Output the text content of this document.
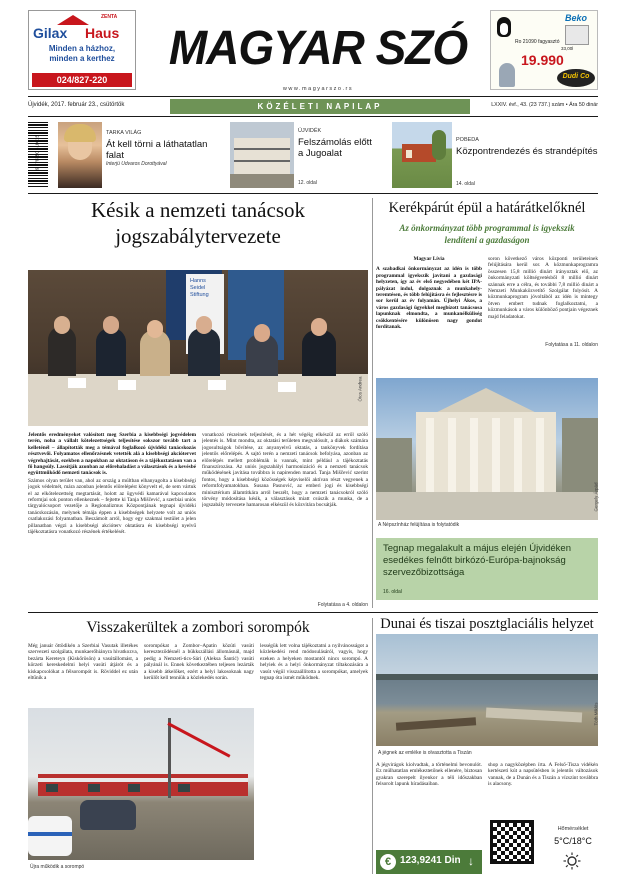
ZENTA
Gilax Haus
Minden a házhoz,
minden a kerthez
024/827-220
MAGYAR SZÓ
www.magyarszo.rs
Beko
Ro 21090 fagyasztó
33,00l
19.990
Dudi Co
Újvidék, 2017. február 23., csütörtök	KÖZÉLETI NAPILAP	LXXIV. évf., 43. (23 737.) szám • Ára 50 dinár
9 770350 418015
TARKA VILÁG
Át kell törni a láthatatlan falat
Interjú Udvaros Dorottyával
ÚJVIDÉK
Felszámolás előtt a Jugoalat
12. oldal
POBEDA
Központrendezés és strandépítés
14. oldal
Késik a nemzeti tanácsok
jogszabálytervezete
Hanns
Seidel
Stiftung
Ótos Andrea

Jelentős eredményeket valósított meg Szerbia a kisebbségi jogvédelem terén, noha a vállalt kötelezettségek teljesítése sokszor tovább tart a kelleténél – állapították meg a témával foglalkozó újvidéki tanácskozás résztvevői. Folyamatos ellenőrzésnek vetették alá a kisebbségi akciótervet végrehajtását, ezekben a napokban az oktatáson és a tájékoztatáson van a fő hangsúly. Lassítják azonban az előrehaladást a választások és a kevésbé együttműködő nemzeti tanácsok is.

Számos olyan terület van, ahol az ország a múltban elhanyagolta a kisebbségi jogok védelmét, mára azonban jelentős előrelépést könyvelt el, de sem vártuk el az elkötelezettség megtartását, holott az ügyvédi kamarával kapcsolatos reformjai sok ponton ellenkeznek – fejtette ki Tanja Miščević, a szerbiai uniós tárgyalócsoport vezetője a Regionalizmus Központjának tegnapi újvidéki tanácskozásán, melynek témája éppen a kisebbségek helyzete volt az uniós csatlakozási folyamatban. Beszámolt arról, hogy egy szakmai testület a jelen pillanatban végzi a kisebbségi akcióterv oktatásra és kisebbségi nyelvű tájékoztatásra vonatkozó részének értékelését.

vonatkozó részeinek teljesítését, és a hét végéig elkészül az erről szóló jelentés is. Mint mondta, az oktatási területen megvalósult, a diákok számára jogosultságok bővítése, az anyanyelvű oktatás, a tankönyvek fordítása jelentős előrelépés. A sajtó terén a nemzeti tanácsok befolyása, azonban az előrelépés mellett problémák is vannak, mint például a tájékoztatás finanszírozása. Az uniós jogszabályi harmonizáció és a nemzeti tanácsok működésének javítása továbbra is napirenden marad. Tanja Miščević szerint fontos, hogy a kisebbségi közösségek képviselői aktívan részt vegyenek a reformfolyamatokban. Susana Pasnović, az emberi jogi és kisebbségi minisztérium államtitkára arról beszélt, hogy a nemzeti tanácsokról szóló törvény módosítása késik, a választások miatt csúszik a munka, de a jogszabály tervezete hamarosan elkészül és közvitára bocsátják.

Folytatása a 4. oldalon
Kerékpárút épül a határátkelőknél
Az önkormányzat több programmal is igyekszik
lendíteni a gazdaságon

Magyar Lívia

A szabadkai önkormányzat az idén is több programmal igyekszik javítani a gazdasági helyzeten, így az év első negyedében két IPA-pályázat indul, dolgoznak a munkahely-teremtésen, és több felújításra és fejlesztésre is sor kerül az év folyamán. Újhelyi Ákos, a város gazdasági ügyekkel megbízott tanácsosa lapunknak elmondta, a munkanélküliség csökkentésére különösen nagy gondot fordítanak.

soron következő város központi területeinek felújítására kerül sor. A közmunkaprogramra összesen 15,8 millió dinárt irányoztak elő, az önkormányzati költségvetésből 8 millió dinárt szánnak erre a célra, és további 7,8 millió dinárt a Nemzeti Munkaközvetítő Szolgálat folyósít. A közmunkaprogram jóvoltából az idén is mintegy ötven embert tudnak foglalkoztatni, a közmunkások a város különböző pontjain végeznek majd feladatokat.

Folytatása a 11. oldalon
A Népszínház felújítása is folytatódik
Gergely Árpád
Tegnap megalakult a május elején Újvidéken esedékes felnőtt birkózó-Európa-bajnokság szervezőbizottsága
16. oldal
Visszakerültek a zombori sorompók

Még január öttödikén a Szerbiai Vasutak illetékes szervezeti szolgálata, munkaerőhiányra hivatkozva, bezárta Kereteyn (Kiskőrösön) a vasútállomást, a körzeti kereskedelmi helyi vasúti átjárót és a kiskapcsolókat a félsorompót is. Röviddel ez után eltűnik a

sorompókat a Zombor–Apatin közúti vasúti kereszteződésnél a bükkszállási állomásnál, majd pedig a Nemzeti-tics-Sári (Aleksa Šantić) vasúti pályánál is. Ennek következtében teljesen lezárták a kisebb átkelőket, ezért a helyi lakosoknak nagy kerülőt kell tenniük a közlekedés során.

lességük lett volna tájékoztatni a nyilvánosságot a közlekedési rend módosulásáról, vagyis, hogy ezeken a helyeken mostantól nincs sorompó. A helyiek és a helyi önkormányzat tiltakozására a vasút végül visszaállította a sorompókat, amelyek tegnap óta ismét működnek.

Újra működik a sorompó
Dunai és tiszai posztglaciális helyzet
A jégnek az emléke is olvasztotta a Tiszán
Tóth Miklós

A jégvirágok kiolvadtak, a történelmi bevonulót. Ez múlhatatlan emlékeztetőnek ellenére, biztosan gyakran szerepelt ilyenkor a téli időszakban felsorolt lapunk híradásaiban.

shop a nagyközépben írta. A Felső-Tisza vidékén kertészeti kút a napsütésben is jelentős változások vannak, de a Dunán és a Tiszán a vízszint továbbra is alacsony.

€ 123,9241 Din ↓
Hőmérséklet
5°C/18°C
